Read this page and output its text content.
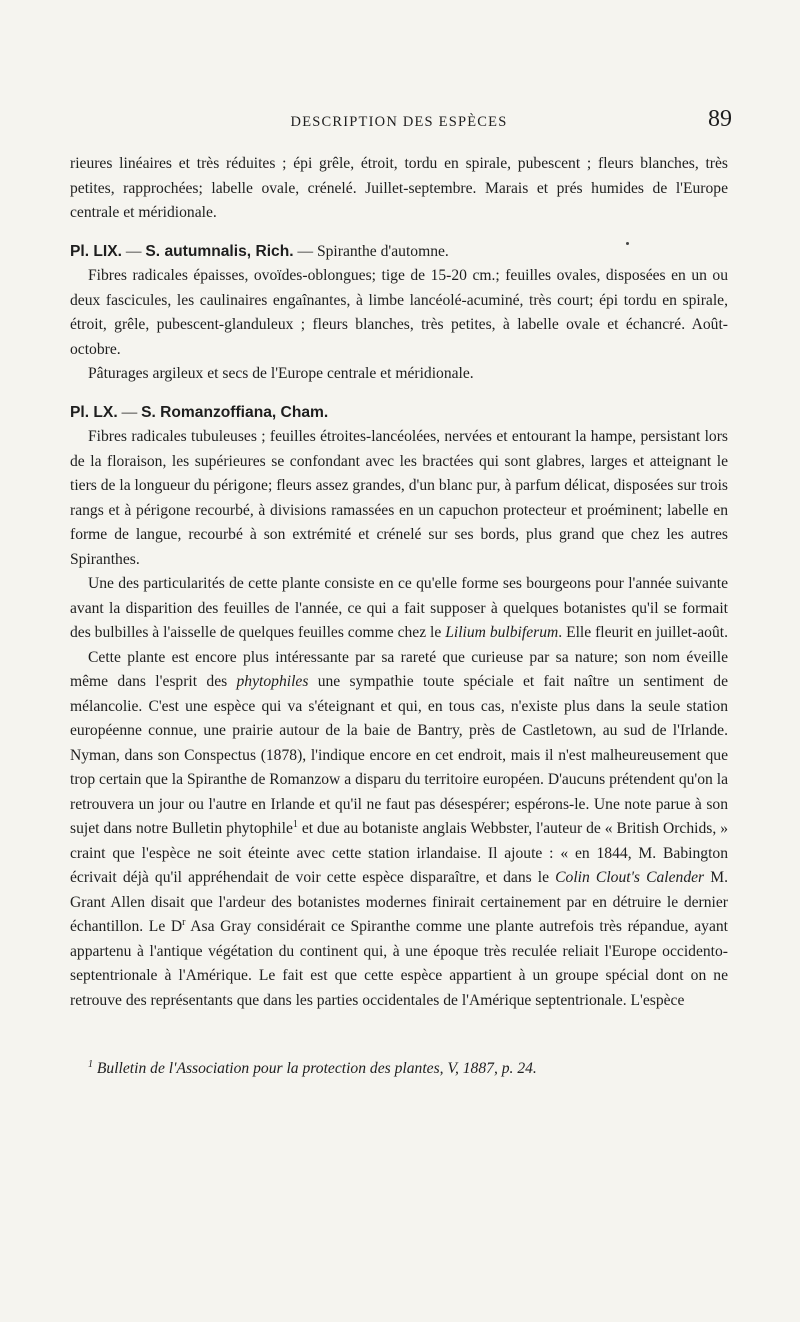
DESCRIPTION DES ESPÈCES	89

rieures linéaires et très réduites ; épi grêle, étroit, tordu en spirale, pubescent ; fleurs blanches, très petites, rapprochées; labelle ovale, crénelé. Juillet-septembre. Marais et prés humides de l'Europe centrale et méridionale.

Pl. LIX. — S. autumnalis, Rich. — Spiranthe d'automne.

Fibres radicales épaisses, ovoïdes-oblongues; tige de 15-20 cm.; feuilles ovales, disposées en un ou deux fascicules, les caulinaires engaînantes, à limbe lancéolé-acuminé, très court; épi tordu en spirale, étroit, grêle, pubescent-glanduleux ; fleurs blanches, très petites, à labelle ovale et échancré. Août-octobre.

Pâturages argileux et secs de l'Europe centrale et méridionale.

Pl. LX. — S. Romanzoffiana, Cham.

Fibres radicales tubuleuses ; feuilles étroites-lancéolées, nervées et entourant la hampe, persistant lors de la floraison, les supérieures se confondant avec les bractées qui sont glabres, larges et atteignant le tiers de la longueur du périgone; fleurs assez grandes, d'un blanc pur, à parfum délicat, disposées sur trois rangs et à périgone recourbé, à divisions ramassées en un capuchon protecteur et proéminent; labelle en forme de langue, recourbé à son extrémité et crénelé sur ses bords, plus grand que chez les autres Spiranthes.

Une des particularités de cette plante consiste en ce qu'elle forme ses bourgeons pour l'année suivante avant la disparition des feuilles de l'année, ce qui a fait supposer à quelques botanistes qu'il se formait des bulbilles à l'aisselle de quelques feuilles comme chez le Lilium bulbiferum. Elle fleurit en juillet-août.

Cette plante est encore plus intéressante par sa rareté que curieuse par sa nature; son nom éveille même dans l'esprit des phytophiles une sympathie toute spéciale et fait naître un sentiment de mélancolie. C'est une espèce qui va s'éteignant et qui, en tous cas, n'existe plus dans la seule station européenne connue, une prairie autour de la baie de Bantry, près de Castletown, au sud de l'Irlande. Nyman, dans son Conspectus (1878), l'indique encore en cet endroit, mais il n'est malheureusement que trop certain que la Spiranthe de Romanzow a disparu du territoire européen. D'aucuns prétendent qu'on la retrouvera un jour ou l'autre en Irlande et qu'il ne faut pas désespérer; espérons-le. Une note parue à son sujet dans notre Bulletin phytophile$^1$ et due au botaniste anglais Webbster, l'auteur de « British Orchids, » craint que l'espèce ne soit éteinte avec cette station irlandaise. Il ajoute : « en 1844, M. Babington écrivait déjà qu'il appréhendait de voir cette espèce disparaître, et dans le Colin Clout's Calender M. Grant Allen disait que l'ardeur des botanistes modernes finirait certainement par en détruire le dernier échantillon. Le $D^r$ Asa Gray considérait ce Spiranthe comme une plante autrefois très répandue, ayant appartenu à l'antique végétation du continent qui, à une époque très reculée reliait l'Europe occidento-septentrionale à l'Amérique. Le fait est que cette espèce appartient à un groupe spécial dont on ne retrouve des représentants que dans les parties occidentales de l'Amérique septentrionale. L'espèce

$^1$ Bulletin de l'Association pour la protection des plantes, V, 1887, p. 24.
